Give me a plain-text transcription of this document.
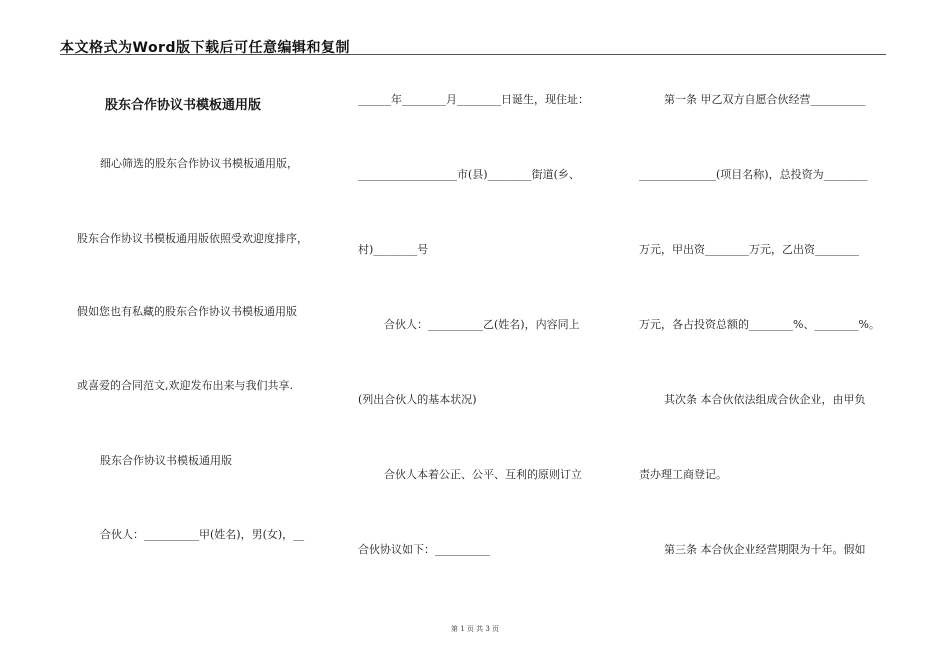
本文格式为Word版下载后可任意编辑和复制
股东合作协议书模板通用版
细心筛选的股东合作协议书模板通用版，
股东合作协议书模板通用版依照受欢迎度排序，
假如您也有私藏的股东合作协议书模板通用版
或喜爱的合同范文,欢迎发布出来与我们共享.
股东合作协议书模板通用版
合伙人：__________甲(姓名)，男(女)，__
______年________月________日诞生，现住址：
__________________市(县)________街道(乡、
村)________号
合伙人：__________乙(姓名)，内容同上
(列出合伙人的基本状况)
合伙人本着公正、公平、互利的原则订立
合伙协议如下：__________
第一条 甲乙双方自愿合伙经营__________
______________(项目名称)，总投资为________
万元，甲出资________万元，乙出资________
万元，各占投资总额的________%、________%。
其次条 本合伙依法组成合伙企业，由甲负
责办理工商登记。
第三条 本合伙企业经营期限为十年。假如
第 1 页 共 3 页
